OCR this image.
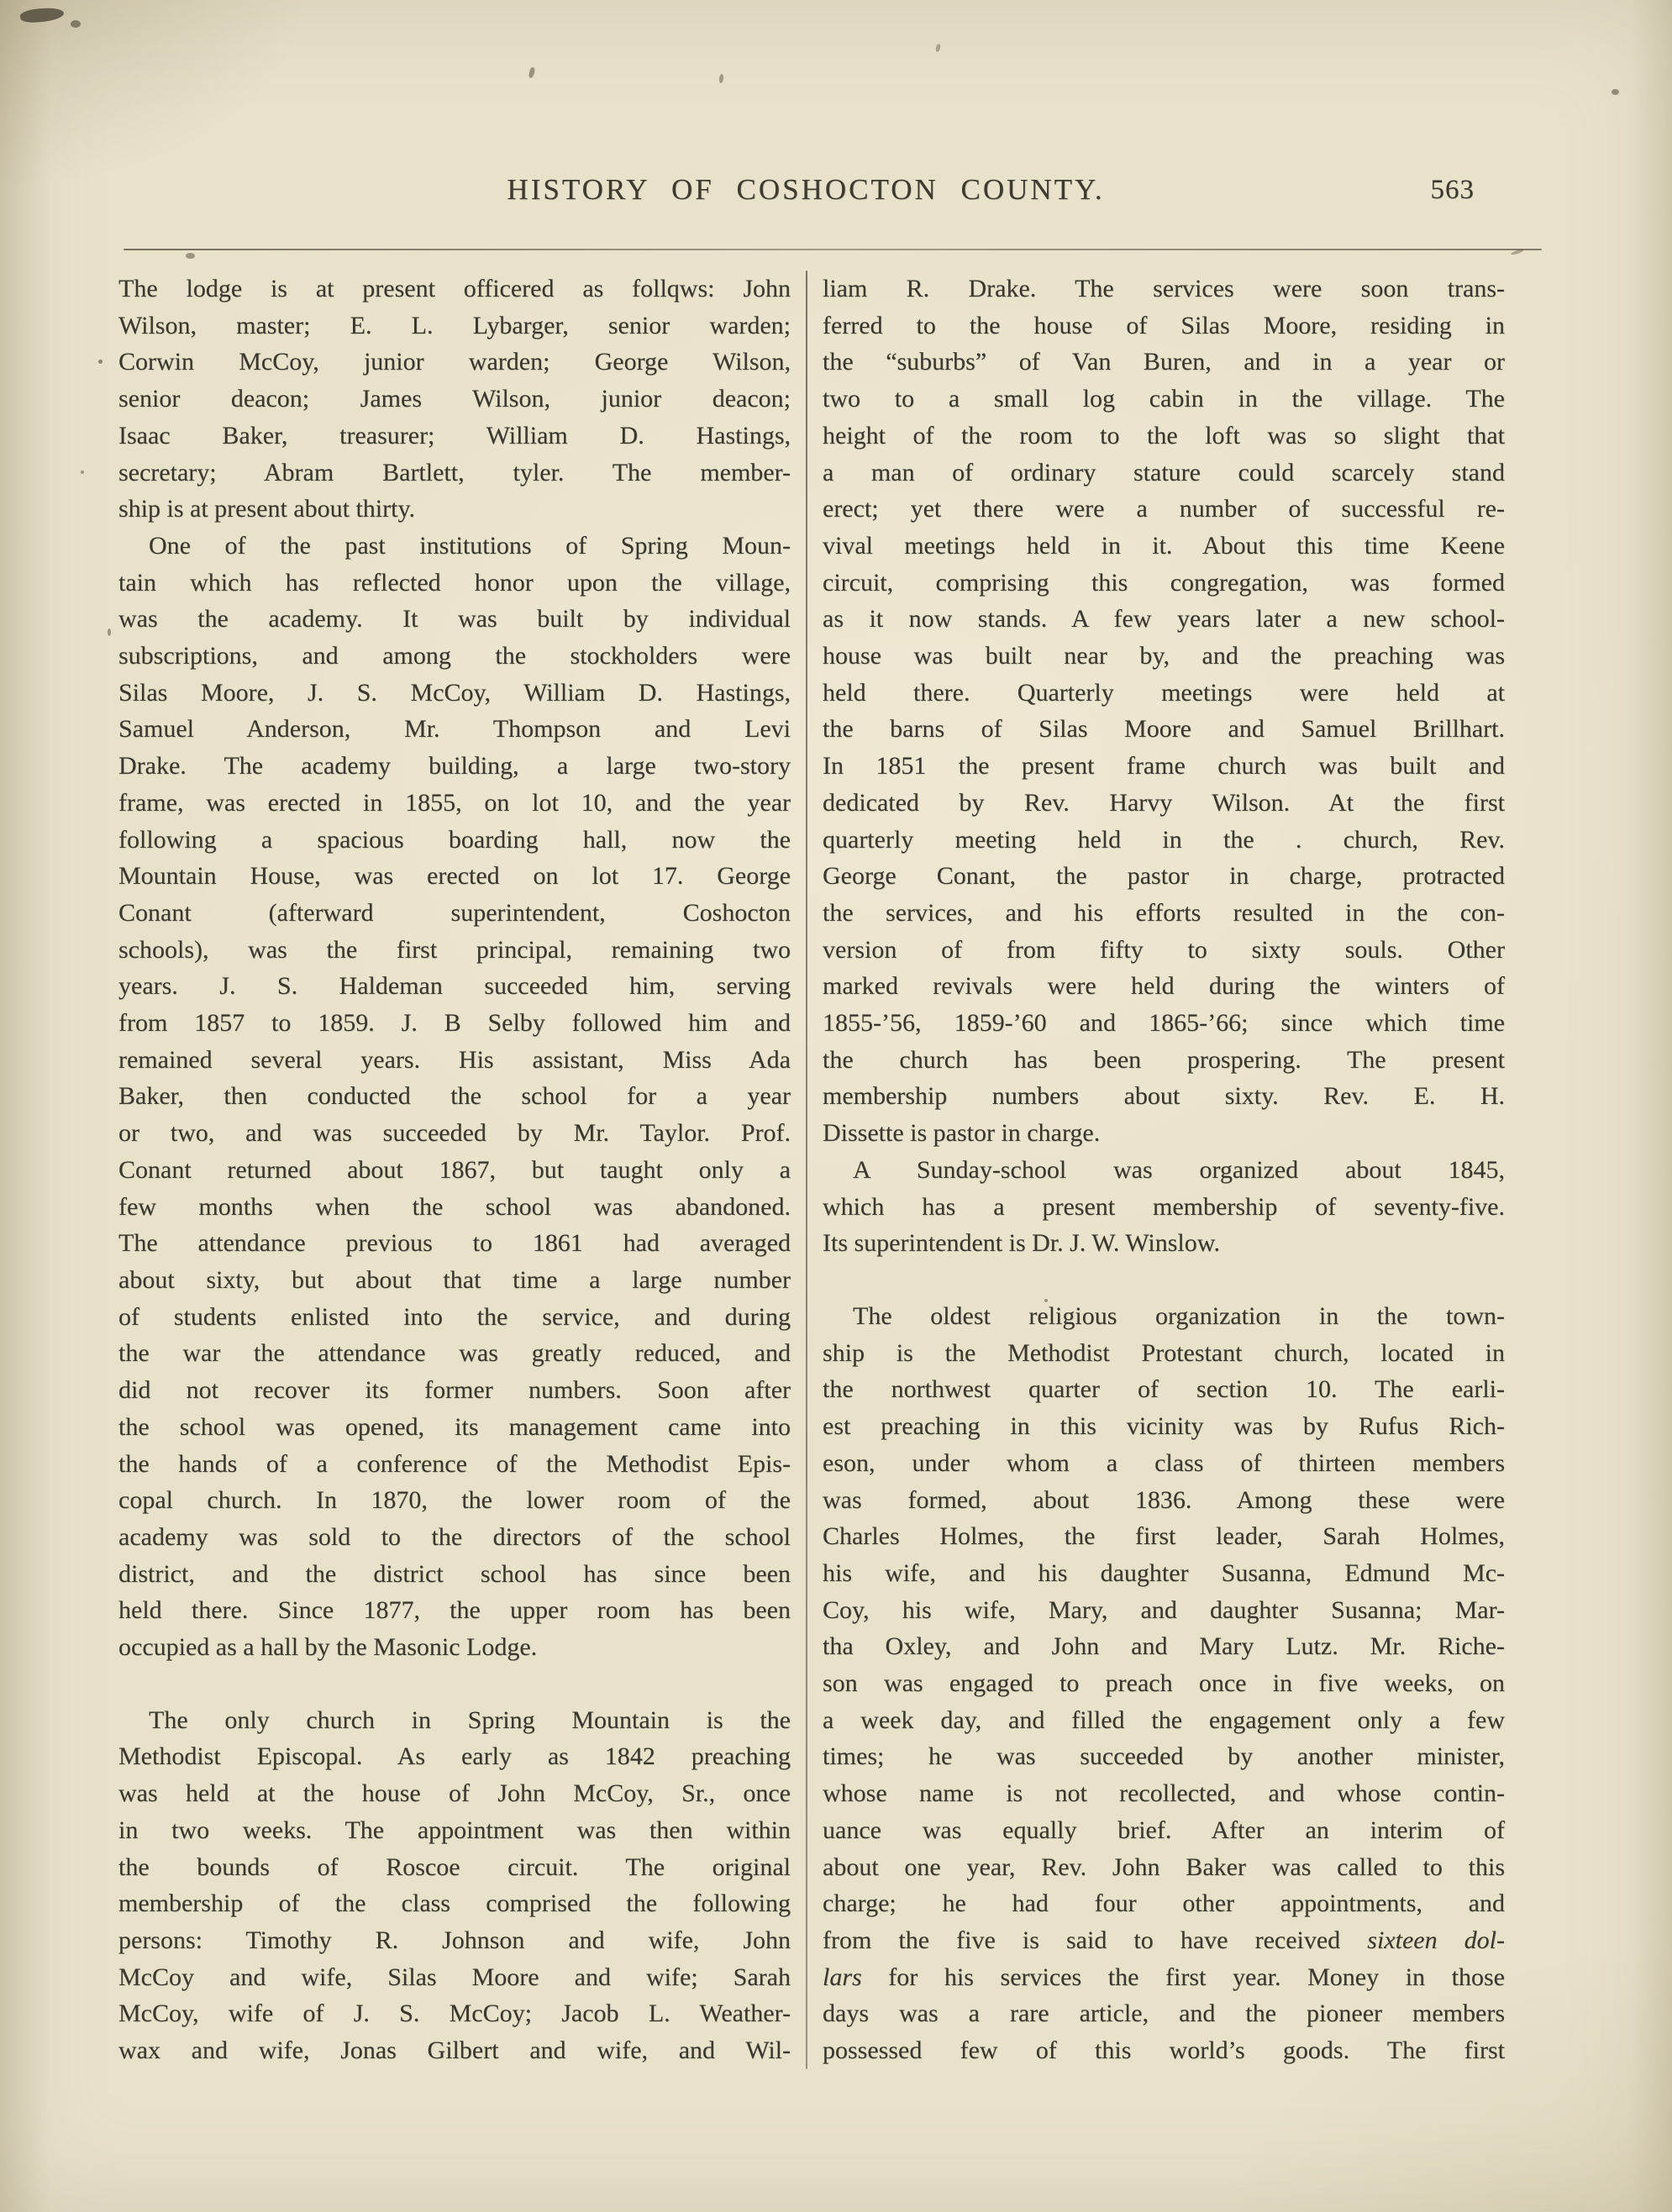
HISTORY OF COSHOCTON COUNTY.	563
The lodge is at present officered as follqws: John
Wilson, master; E. L. Lybarger, senior warden;
Corwin McCoy, junior warden; George Wilson,
senior deacon; James Wilson, junior deacon;
Isaac Baker, treasurer; William D. Hastings,
secretary; Abram Bartlett, tyler. The member-
ship is at present about thirty.
One of the past institutions of Spring Moun-
tain which has reflected honor upon the village,
was the academy. It was built by individual
subscriptions, and among the stockholders were
Silas Moore, J. S. McCoy, William D. Hastings,
Samuel Anderson, Mr. Thompson and Levi
Drake. The academy building, a large two-story
frame, was erected in 1855, on lot 10, and the year
following a spacious boarding hall, now the
Mountain House, was erected on lot 17. George
Conant (afterward superintendent, Coshocton
schools), was the first principal, remaining two
years. J. S. Haldeman succeeded him, serving
from 1857 to 1859. J. B Selby followed him and
remained several years. His assistant, Miss Ada
Baker, then conducted the school for a year
or two, and was succeeded by Mr. Taylor. Prof.
Conant returned about 1867, but taught only a
few months when the school was abandoned.
The attendance previous to 1861 had averaged
about sixty, but about that time a large number
of students enlisted into the service, and during
the war the attendance was greatly reduced, and
did not recover its former numbers. Soon after
the school was opened, its management came into
the hands of a conference of the Methodist Epis-
copal church. In 1870, the lower room of the
academy was sold to the directors of the school
district, and the district school has since been
held there. Since 1877, the upper room has been
occupied as a hall by the Masonic Lodge.
The only church in Spring Mountain is the
Methodist Episcopal. As early as 1842 preaching
was held at the house of John McCoy, Sr., once
in two weeks. The appointment was then within
the bounds of Roscoe circuit. The original
membership of the class comprised the following
persons: Timothy R. Johnson and wife, John
McCoy and wife, Silas Moore and wife; Sarah
McCoy, wife of J. S. McCoy; Jacob L. Weather-
wax and wife, Jonas Gilbert and wife, and Wil-
liam R. Drake. The services were soon trans-
ferred to the house of Silas Moore, residing in
the “suburbs” of Van Buren, and in a year or
two to a small log cabin in the village. The
height of the room to the loft was so slight that
a man of ordinary stature could scarcely stand
erect; yet there were a number of successful re-
vival meetings held in it. About this time Keene
circuit, comprising this congregation, was formed
as it now stands. A few years later a new school-
house was built near by, and the preaching was
held there. Quarterly meetings were held at
the barns of Silas Moore and Samuel Brillhart.
In 1851 the present frame church was built and
dedicated by Rev. Harvy Wilson. At the first
quarterly meeting held in the . church, Rev.
George Conant, the pastor in charge, protracted
the services, and his efforts resulted in the con-
version of from fifty to sixty souls. Other
marked revivals were held during the winters of
1855-’56, 1859-’60 and 1865-’66; since which time
the church has been prospering. The present
membership numbers about sixty. Rev. E. H.
Dissette is pastor in charge.
A Sunday-school was organized about 1845,
which has a present membership of seventy-five.
Its superintendent is Dr. J. W. Winslow.
The oldest religious organization in the town-
ship is the Methodist Protestant church, located in
the northwest quarter of section 10. The earli-
est preaching in this vicinity was by Rufus Rich-
eson, under whom a class of thirteen members
was formed, about 1836. Among these were
Charles Holmes, the first leader, Sarah Holmes,
his wife, and his daughter Susanna, Edmund Mc-
Coy, his wife, Mary, and daughter Susanna; Mar-
tha Oxley, and John and Mary Lutz. Mr. Riche-
son was engaged to preach once in five weeks, on
a week day, and filled the engagement only a few
times; he was succeeded by another minister,
whose name is not recollected, and whose contin-
uance was equally brief. After an interim of
about one year, Rev. John Baker was called to this
charge; he had four other appointments, and
from the five is said to have received sixteen dol-
lars for his services the first year. Money in those
days was a rare article, and the pioneer members
possessed few of this world’s goods. The first
